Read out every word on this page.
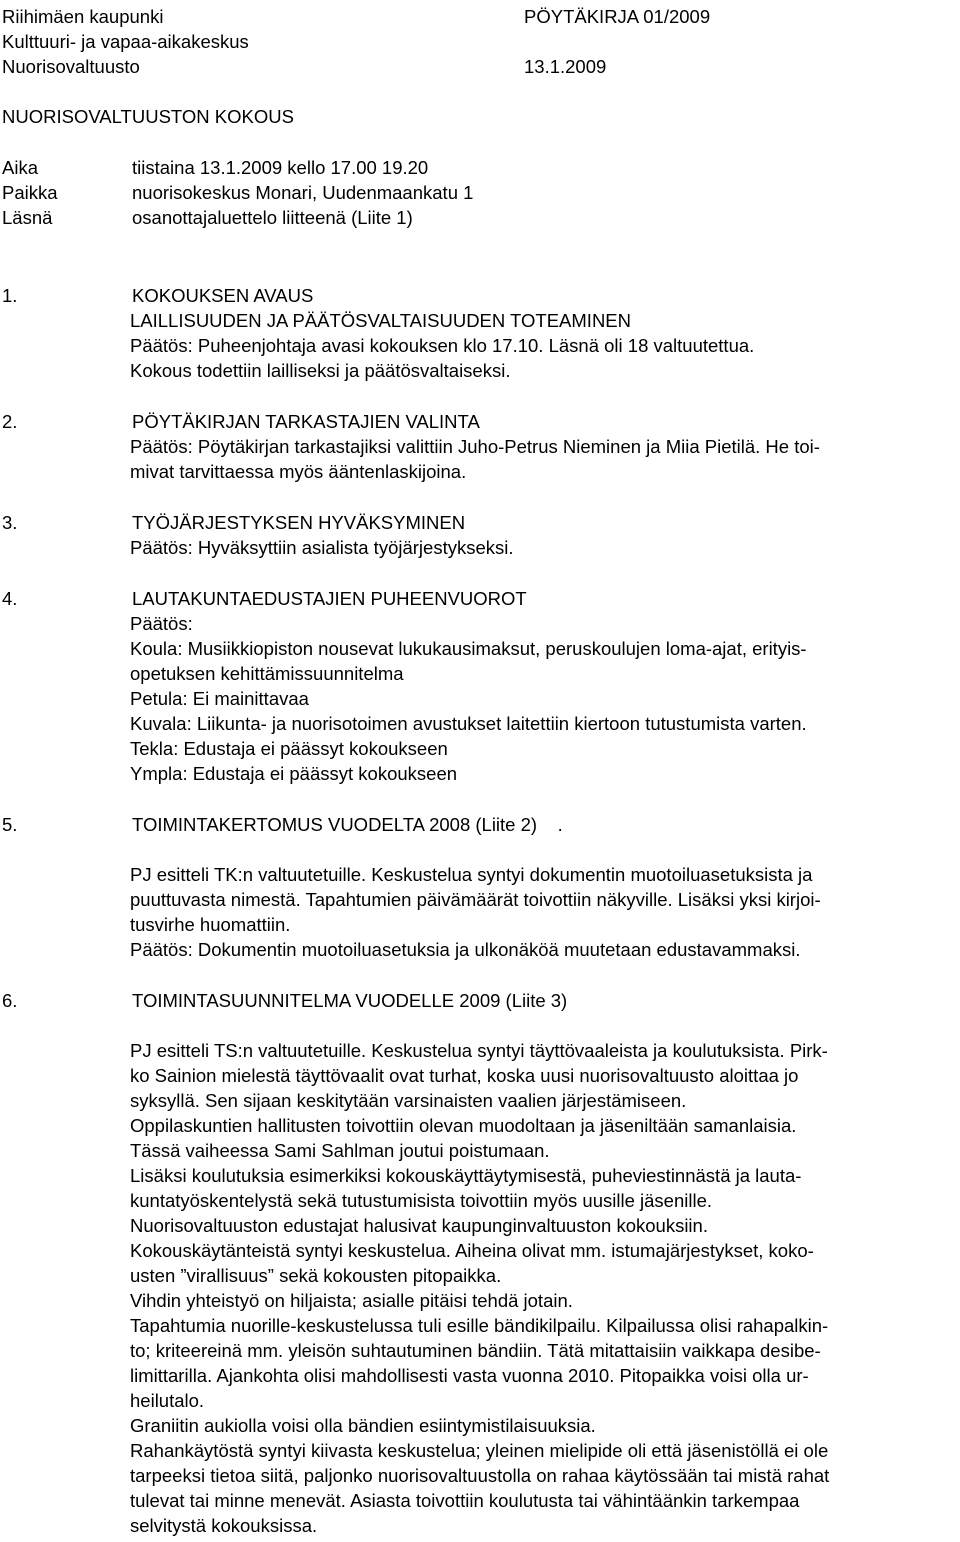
Riihimäen kaupunki	PÖYTÄKIRJA 01/2009
Kulttuuri- ja vapaa-aikakeskus
Nuorisovaltuusto	13.1.2009
NUORISOVALTUUSTON KOKOUS
Aika	tiistaina 13.1.2009 kello 17.00 19.20
Paikka	nuorisokeskus Monari, Uudenmaankatu 1
Läsnä	osanottajaluettelo liitteenä (Liite 1)
1.	KOKOUKSEN AVAUS
LAILLISUUDEN JA PÄÄTÖSVALTAISUUDEN TOTEAMINEN
Päätös: Puheenjohtaja avasi kokouksen klo 17.10. Läsnä oli 18 valtuutettua.
Kokous todettiin lailliseksi ja päätösvaltaiseksi.
2.	PÖYTÄKIRJAN TARKASTAJIEN VALINTA
Päätös: Pöytäkirjan tarkastajiksi valittiin Juho-Petrus Nieminen ja Miia Pietilä. He toi-
mivat tarvittaessa myös ääntenlaskijoina.
3.	TYÖJÄRJESTYKSEN HYVÄKSYMINEN
Päätös: Hyväksyttiin asialista työjärjestykseksi.
4.	LAUTAKUNTAEDUSTAJIEN PUHEENVUOROT
Päätös:
Koula: Musiikkiopiston nousevat lukukausimaksut, peruskoulujen loma-ajat, erityis-
opetuksen kehittämissuunnitelma
Petula: Ei mainittavaa
Kuvala: Liikunta- ja nuorisotoimen avustukset laitettiin kiertoon tutustumista varten.
Tekla: Edustaja ei päässyt kokoukseen
Ympla: Edustaja ei päässyt kokoukseen
5.	TOIMINTAKERTOMUS VUODELTA 2008 (Liite 2)    .
PJ esitteli TK:n valtuutetuille. Keskustelua syntyi dokumentin muotoiluasetuksista ja
puuttuvasta nimestä. Tapahtumien päivämäärät toivottiin näkyville. Lisäksi yksi kirjoi-
tusvirhe huomattiin.
Päätös: Dokumentin muotoiluasetuksia ja ulkonäköä muutetaan edustavammaksi.
6.	TOIMINTASUUNNITELMA VUODELLE 2009 (Liite 3)
PJ esitteli TS:n valtuutetuille. Keskustelua syntyi täyttövaaleista ja koulutuksista. Pirk-
ko Sainion mielestä täyttövaalit ovat turhat, koska uusi nuorisovaltuusto aloittaa jo
syksyllä. Sen sijaan keskitytään varsinaisten vaalien järjestämiseen.
Oppilaskuntien hallitusten toivottiin olevan muodoltaan ja jäseniltään samanlaisia.
Tässä vaiheessa Sami Sahlman joutui poistumaan.
Lisäksi koulutuksia esimerkiksi kokouskäyttäytymisestä, puheviestinnästä ja lauta-
kuntatyöskentelystä sekä tutustumisista toivottiin myös uusille jäsenille.
Nuorisovaltuuston edustajat halusivat kaupunginvaltuuston kokouksiin.
Kokouskäytänteistä syntyi keskustelua. Aiheina olivat mm. istumajärjestykset, koko-
usten ”virallisuus” sekä kokousten pitopaikka.
Vihdin yhteistyö on hiljaista; asialle pitäisi tehdä jotain.
Tapahtumia nuorille-keskustelussa tuli esille bändikilpailu. Kilpailussa olisi rahapalkin-
to; kriteereinä mm. yleisön suhtautuminen bändiin. Tätä mitattaisiin vaikkapa desibe-
limittarilla. Ajankohta olisi mahdollisesti vasta vuonna 2010. Pitopaikka voisi olla ur-
heilutalo.
Graniitin aukiolla voisi olla bändien esiintymistilaisuuksia.
Rahankäytöstä syntyi kiivasta keskustelua; yleinen mielipide oli että jäsenistöllä ei ole
tarpeeksi tietoa siitä, paljonko nuorisovaltuustolla on rahaa käytössään tai mistä rahat
tulevat tai minne menevät. Asiasta toivottiin koulutusta tai vähintäänkin tarkempaa
selvitystä kokouksissa.
